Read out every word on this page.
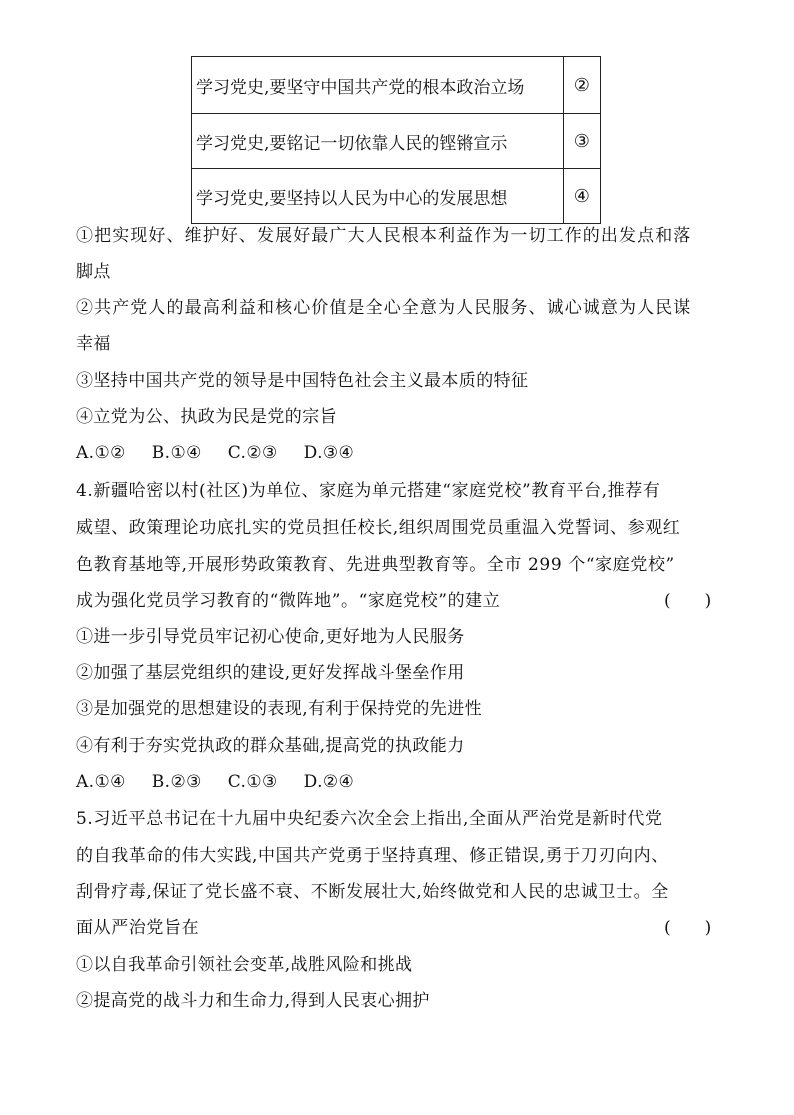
学习党史,要坚守中国共产党的根本政治立场	②
学习党史,要铭记一切依靠人民的铿锵宣示	③
学习党史,要坚持以人民为中心的发展思想	④
①把实现好、维护好、发展好最广大人民根本利益作为一切工作的出发点和落
脚点
②共产党人的最高利益和核心价值是全心全意为人民服务、诚心诚意为人民谋
幸福
③坚持中国共产党的领导是中国特色社会主义最本质的特征
④立党为公、执政为民是党的宗旨
A.①② B.①④ C.②③ D.③④
4.新疆哈密以村(社区)为单位、家庭为单元搭建“家庭党校”教育平台,推荐有
威望、政策理论功底扎实的党员担任校长,组织周围党员重温入党誓词、参观红
色教育基地等,开展形势政策教育、先进典型教育等。全市 299 个“家庭党校”
成为强化党员学习教育的“微阵地”。“家庭党校”的建立	(　　)
①进一步引导党员牢记初心使命,更好地为人民服务
②加强了基层党组织的建设,更好发挥战斗堡垒作用
③是加强党的思想建设的表现,有利于保持党的先进性
④有利于夯实党执政的群众基础,提高党的执政能力
A.①④ B.②③ C.①③ D.②④
5.习近平总书记在十九届中央纪委六次全会上指出,全面从严治党是新时代党
的自我革命的伟大实践,中国共产党勇于坚持真理、修正错误,勇于刀刃向内、
刮骨疗毒,保证了党长盛不衰、不断发展壮大,始终做党和人民的忠诚卫士。全
面从严治党旨在	(　　)
①以自我革命引领社会变革,战胜风险和挑战
②提高党的战斗力和生命力,得到人民衷心拥护
